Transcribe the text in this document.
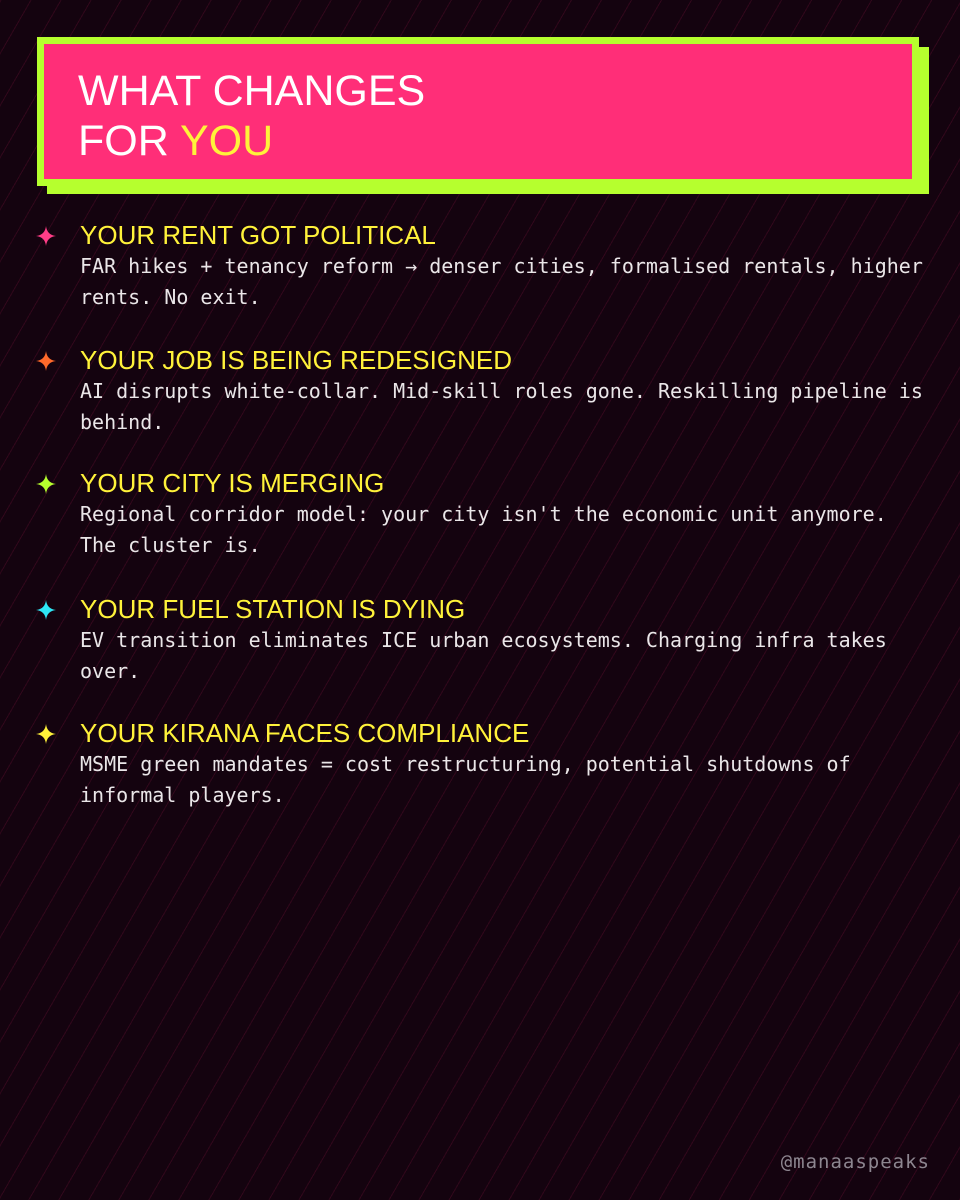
WHAT CHANGES
FOR YOU
YOUR RENT GOT POLITICAL
FAR hikes + tenancy reform → denser cities, formalised rentals, higher rents. No exit.
YOUR JOB IS BEING REDESIGNED
AI disrupts white-collar. Mid-skill roles gone. Reskilling pipeline is behind.
YOUR CITY IS MERGING
Regional corridor model: your city isn't the economic unit anymore. The cluster is.
YOUR FUEL STATION IS DYING
EV transition eliminates ICE urban ecosystems. Charging infra takes over.
YOUR KIRANA FACES COMPLIANCE
MSME green mandates = cost restructuring, potential shutdowns of informal players.
@manaaspeaks
